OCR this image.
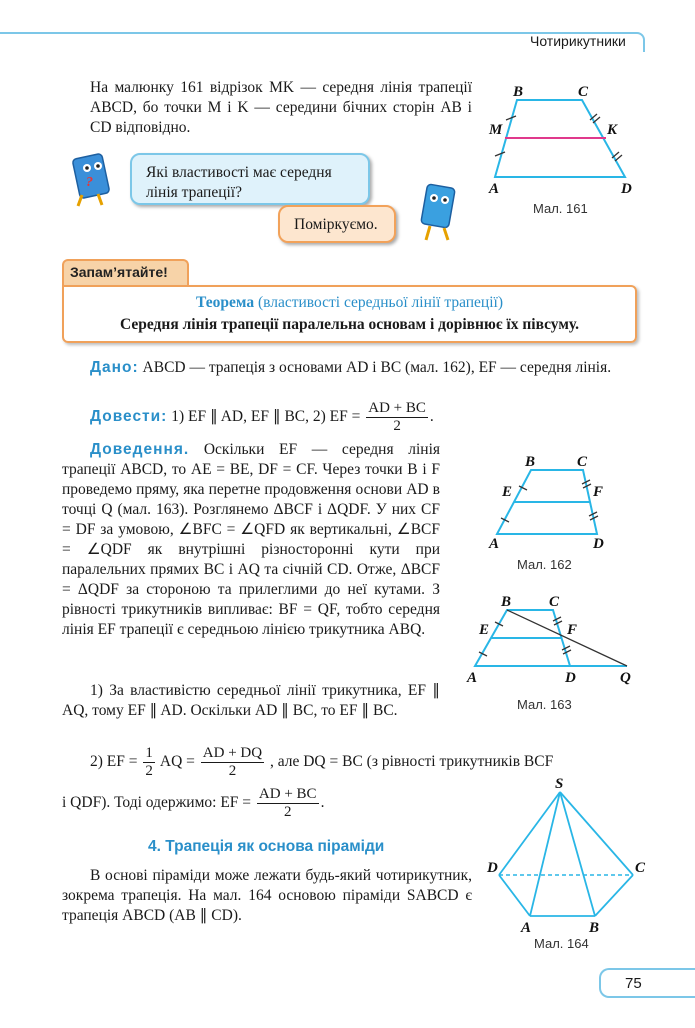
Чотирикутники

На малюнку 161 відрізок MK — середня лінія трапеції ABCD, бо точки M і K — середини бічних сторін AB і CD відповідно.

?
Які властивості має середня лінія трапеції?
Поміркуємо.
B	C
M	K
A	D
Мал. 161
Запам’ятайте!
Теорема (властивості середньої лінії трапеції)
Середня лінія трапеції паралельна основам і дорівнює їх півсуму.

Дано: ABCD — трапеція з основами AD і BC (мал. 162), EF — середня лінія.

Довести: 1) EF ∥ AD, EF ∥ BC, 2) EF = $\frac{AD + BC}{2}$ .

Доведення. Оскільки EF — середня лінія трапеції ABCD, то AE = BE, DF = CF. Через точки B і F проведемо пряму, яка перетне продовження основи AD в точці Q (мал. 163). Розглянемо ΔBCF і ΔQDF. У них CF = DF за умовою, ∠BFC = ∠QFD як вертикальні, ∠BCF = ∠QDF як внутрішні різносторонні кути при паралельних прямих BC і AQ та січній CD. Отже, ΔBCF = ΔQDF за стороною та прилеглими до неї кутами. З рівності трикутників випливає: BF = QF, тобто середня лінія EF трапеції є середньою лінією трикутника ABQ.

1) За властивістю середньої лінії трикутника, EF ∥ AQ, тому EF ∥ AD. Оскільки AD ∥ BC, то EF ∥ BC.

2) EF = $\frac{1}{2}$ AQ = $\frac{AD + DQ}{2}$ , але DQ = BC (з рівності трикутників BCF
і QDF). Тоді одержимо: EF = $\frac{AD + BC}{2}$ .
B	C
E	F
A	D
Мал. 162
B	C
E	F
A	D	Q
Мал. 163
4. Трапеція як основа піраміди

В основі піраміди може лежати будь-який чотирикутник, зокрема трапеція. На мал. 164 основою піраміди SABCD є трапеція ABCD (AB ∥ CD).

S
D	C
A	B
Мал. 164
75
